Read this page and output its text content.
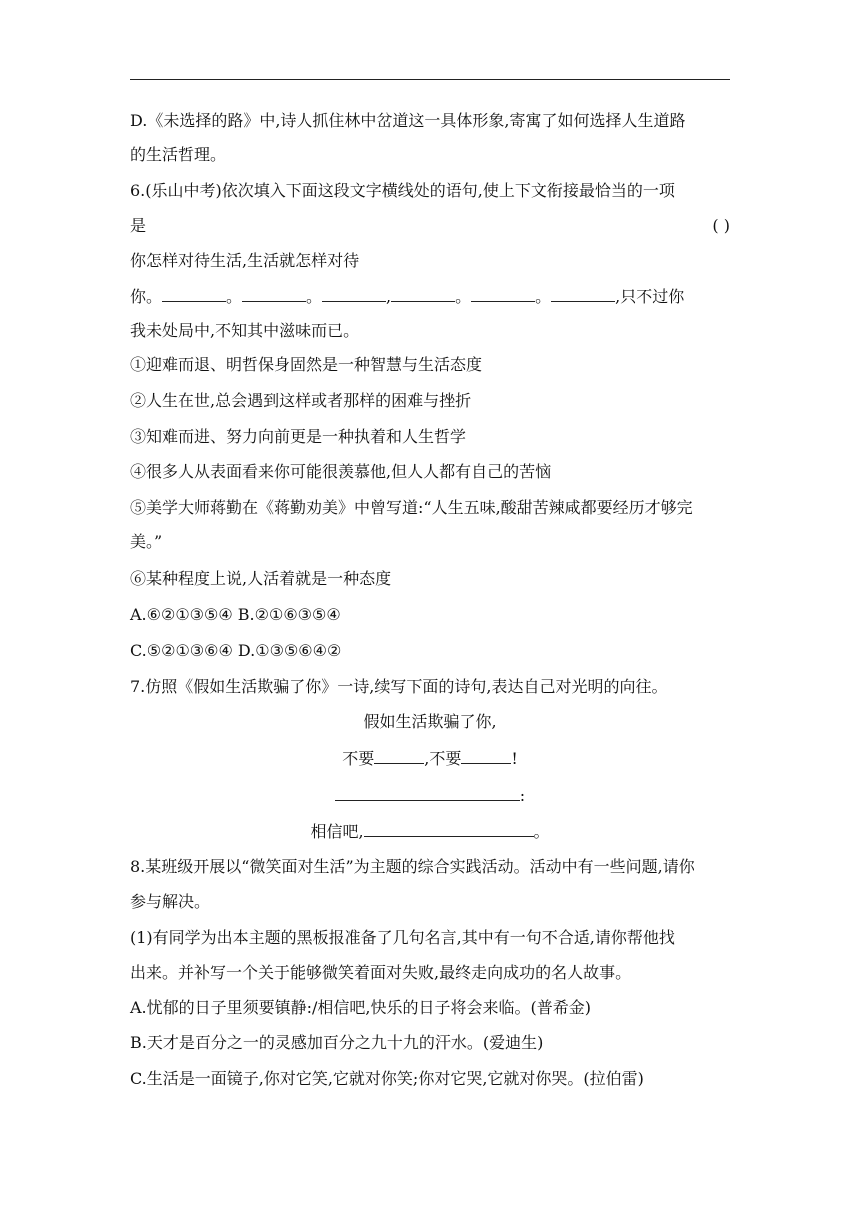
D.《未选择的路》中,诗人抓住林中岔道这一具体形象,寄寓了如何选择人生道路
的生活哲理。
6.(乐山中考)依次填入下面这段文字横线处的语句,使上下文衔接最恰当的一项
是	( )
你怎样对待生活,生活就怎样对待
你。	。	。	,	。	。	,只不过你
我未处局中,不知其中滋味而已。
①迎难而退、明哲保身固然是一种智慧与生活态度
②人生在世,总会遇到这样或者那样的困难与挫折
③知难而进、努力向前更是一种执着和人生哲学
④很多人从表面看来你可能很羡慕他,但人人都有自己的苦恼
⑤美学大师蒋勤在《蒋勤劝美》中曾写道:“人生五味,酸甜苦辣咸都要经历才够完
美。”
⑥某种程度上说,人活着就是一种态度
A.⑥②①③⑤④ B.②①⑥③⑤④
C.⑤②①③⑥④ D.①③⑤⑥④②
7.仿照《假如生活欺骗了你》一诗,续写下面的诗句,表达自己对光明的向往。
假如生活欺骗了你,
不要	,不要	!
:
相信吧,	。
8.某班级开展以“微笑面对生活”为主题的综合实践活动。活动中有一些问题,请你
参与解决。
(1)有同学为出本主题的黑板报准备了几句名言,其中有一句不合适,请你帮他找
出来。并补写一个关于能够微笑着面对失败,最终走向成功的名人故事。
A.忧郁的日子里须要镇静:/相信吧,快乐的日子将会来临。(普希金)
B.天才是百分之一的灵感加百分之九十九的汗水。(爱迪生)
C.生活是一面镜子,你对它笑,它就对你笑;你对它哭,它就对你哭。(拉伯雷)
